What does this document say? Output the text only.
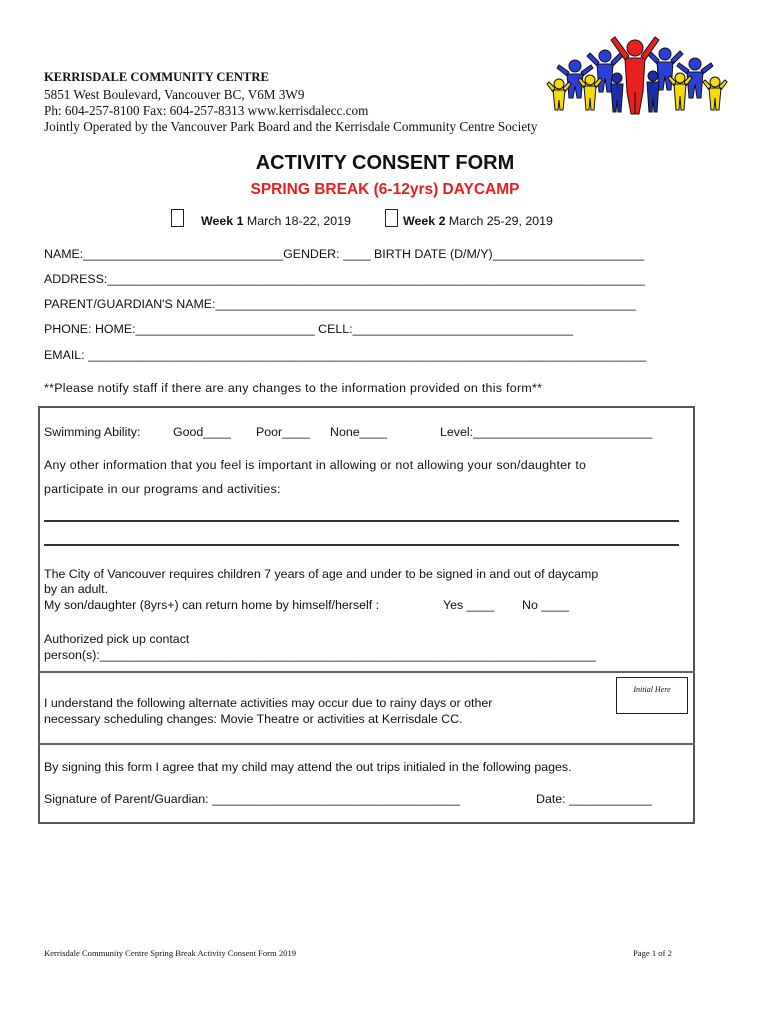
KERRISDALE COMMUNITY CENTRE
5851 West Boulevard, Vancouver BC, V6M 3W9
Ph: 604-257-8100 Fax: 604-257-8313 www.kerrisdalecc.com
Jointly Operated by the Vancouver Park Board and the Kerrisdale Community Centre Society
ACTIVITY CONSENT FORM
SPRING BREAK (6-12yrs) DAYCAMP
Week 1 March 18-22, 2019	Week 2 March 25-29, 2019
NAME:_____________________________GENDER: ____ BIRTH DATE (D/M/Y)______________________
ADDRESS:______________________________________________________________________________
PARENT/GUARDIAN'S NAME:_____________________________________________________________
PHONE: HOME:__________________________ CELL:________________________________
EMAIL: _________________________________________________________________________________
**Please notify staff if there are any changes to the information provided on this form**
Swimming Ability:	Good____ Poor____ None____	Level:__________________________
Any other information that you feel is important in allowing or not allowing your son/daughter to
participate in our programs and activities:
The City of Vancouver requires children 7 years of age and under to be signed in and out of daycamp
by an adult.
My son/daughter (8yrs+) can return home by himself/herself :	Yes ____ No ____
Authorized pick up contact
person(s):________________________________________________________________________
I understand the following alternate activities may occur due to rainy days or other
necessary scheduling changes: Movie Theatre or activities at Kerrisdale CC.
Initial Here
By signing this form I agree that my child may attend the out trips initialed in the following pages.
Signature of Parent/Guardian: ____________________________________	Date: ____________
Kerrisdale Community Centre Spring Break Activity Consent Form 2019	Page 1 of 2
